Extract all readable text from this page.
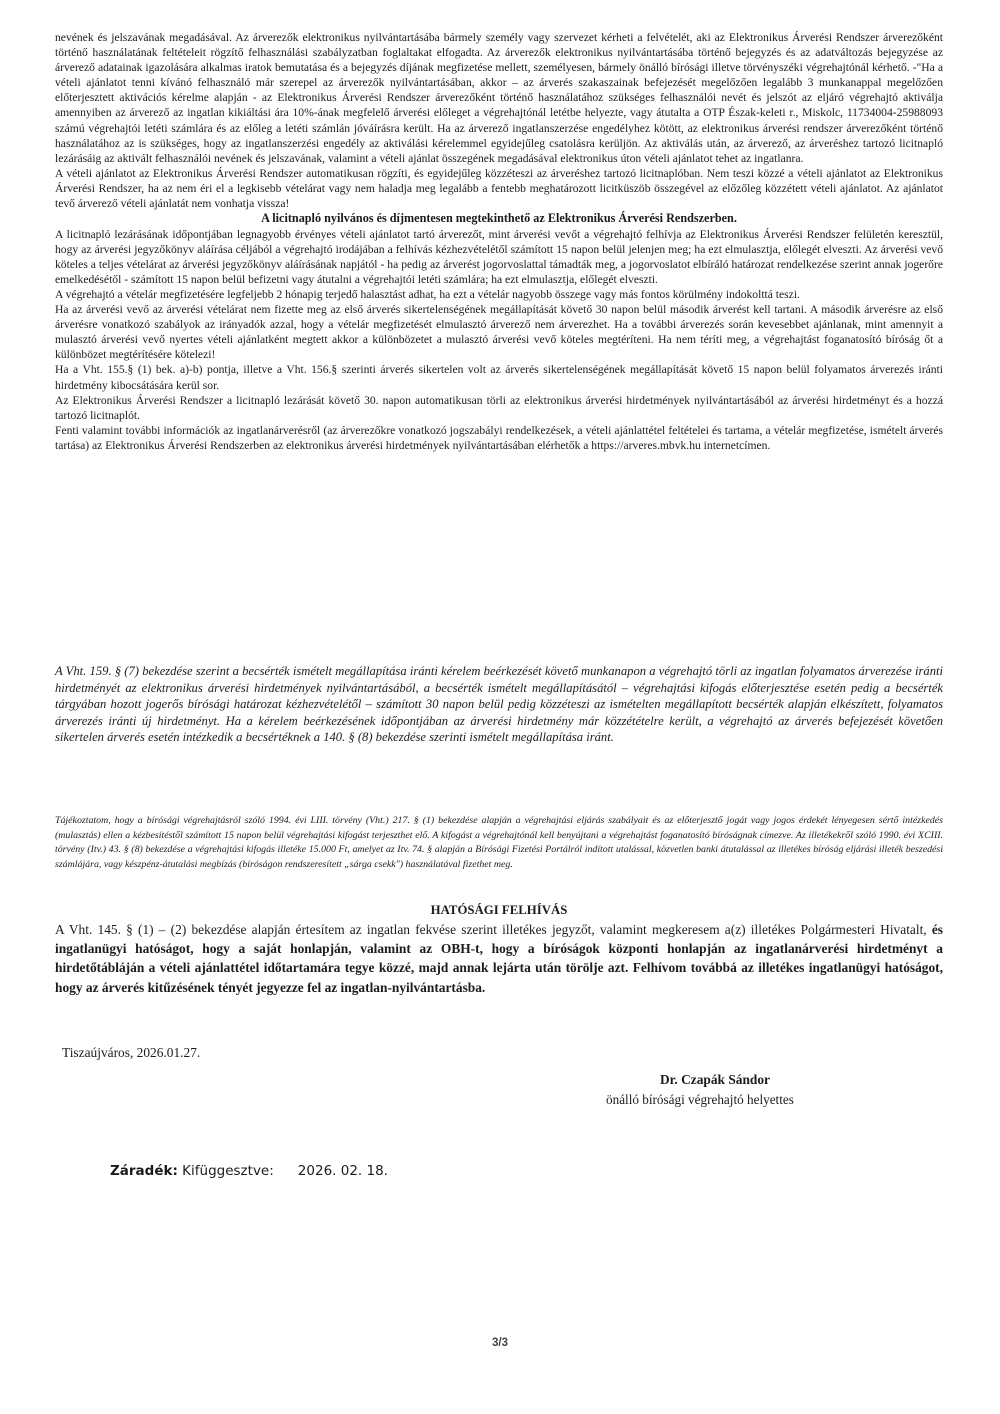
nevének és jelszavának megadásával. Az árverezők elektronikus nyilvántartásába bármely személy vagy szervezet kérheti a felvételét, aki az Elektronikus Árverési Rendszer árverezőként történő használatának feltételeit rögzítő felhasználási szabályzatban foglaltakat elfogadta. Az árverezők elektronikus nyilvántartásába történő bejegyzés és az adatváltozás bejegyzése az árverező adatainak igazolására alkalmas iratok bemutatása és a bejegyzés díjának megfizetése mellett, személyesen, bármely önálló bírósági illetve törvényszéki végrehajtónál kérhető. -"Ha a vételi ajánlatot tenni kívánó felhasználó már szerepel az árverezők nyilvántartásában, akkor – az árverés szakaszainak befejezését megelőzően legalább 3 munkanappal megelőzően előterjesztett aktivációs kérelme alapján - az Elektronikus Árverési Rendszer árverezőként történő használatához szükséges felhasználói nevét és jelszót az eljáró végrehajtó aktiválja amennyiben az árverező az ingatlan kikiáltási ára 10%-ának megfelelő árverési előleget a végrehajtónál letétbe helyezte, vagy átutalta a OTP Észak-keleti r., Miskolc, 11734004-25988093 számú végrehajtói letéti számlára és az előleg a letéti számlán jóváírásra került. Ha az árverező ingatlanszerzése engedélyhez kötött, az elektronikus árverési rendszer árverezőként történő használatához az is szükséges, hogy az ingatlanszerzési engedély az aktiválási kérelemmel egyidejűleg csatolásra kerüljön. Az aktiválás után, az árverező, az árveréshez tartozó licitnapló lezárásáig az aktivált felhasználói nevének és jelszavának, valamint a vételi ajánlat összegének megadásával elektronikus úton vételi ajánlatot tehet az ingatlanra.

A vételi ajánlatot az Elektronikus Árverési Rendszer automatikusan rögzíti, és egyidejűleg közzéteszi az árveréshez tartozó licitnaplóban. Nem teszi közzé a vételi ajánlatot az Elektronikus Árverési Rendszer, ha az nem éri el a legkisebb vételárat vagy nem haladja meg legalább a fentebb meghatározott licitküszöb összegével az előzőleg közzétett vételi ajánlatot. Az ajánlatot tevő árverező vételi ajánlatát nem vonhatja vissza!

A licitnapló nyilvános és díjmentesen megtekinthető az Elektronikus Árverési Rendszerben.

A licitnapló lezárásának időpontjában legnagyobb érvényes vételi ajánlatot tartó árverezőt, mint árverési vevőt a végrehajtó felhívja az Elektronikus Árverési Rendszer felületén keresztül, hogy az árverési jegyzőkönyv aláírása céljából a végrehajtó irodájában a felhívás kézhezvételétől számított 15 napon belül jelenjen meg; ha ezt elmulasztja, előlegét elveszti. Az árverési vevő köteles a teljes vételárat az árverési jegyzőkönyv aláírásának napjától - ha pedig az árverést jogorvoslattal támadták meg, a jogorvoslatot elbíráló határozat rendelkezése szerint annak jogerőre emelkedésétől - számított 15 napon belül befizetni vagy átutalni a végrehajtói letéti számlára; ha ezt elmulasztja, előlegét elveszti.

A végrehajtó a vételár megfizetésére legfeljebb 2 hónapig terjedő halasztást adhat, ha ezt a vételár nagyobb összege vagy más fontos körülmény indokolttá teszi.

Ha az árverési vevő az árverési vételárat nem fizette meg az első árverés sikertelenségének megállapítását követő 30 napon belül második árverést kell tartani. A második árverésre az első árverésre vonatkozó szabályok az irányadók azzal, hogy a vételár megfizetését elmulasztó árverező nem árverezhet. Ha a további árverezés során kevesebbet ajánlanak, mint amennyit a mulasztó árverési vevő nyertes vételi ajánlatként megtett akkor a különbözetet a mulasztó árverési vevő köteles megtéríteni. Ha nem téríti meg, a végrehajtást foganatosító bíróság őt a különbözet megtérítésére kötelezi!

Ha a Vht. 155.§ (1) bek. a)-b) pontja, illetve a Vht. 156.§ szerinti árverés sikertelen volt az árverés sikertelenségének megállapítását követő 15 napon belül folyamatos árverezés iránti hirdetmény kibocsátására kerül sor.

Az Elektronikus Árverési Rendszer a licitnapló lezárását követő 30. napon automatikusan törli az elektronikus árverési hirdetmények nyilvántartásából az árverési hirdetményt és a hozzá tartozó licitnaplót.

Fenti valamint további információk az ingatlanárverésről (az árverezőkre vonatkozó jogszabályi rendelkezések, a vételi ajánlattétel feltételei és tartama, a vételár megfizetése, ismételt árverés tartása) az Elektronikus Árverési Rendszerben az elektronikus árverési hirdetmények nyilvántartásában elérhetők a https://arveres.mbvk.hu internetcímen.

A Vht. 159. § (7) bekezdése szerint a becsérték ismételt megállapítása iránti kérelem beérkezését követő munkanapon a végrehajtó törli az ingatlan folyamatos árverezése iránti hirdetményét az elektronikus árverési hirdetmények nyilvántartásából, a becsérték ismételt megállapításától – végrehajtási kifogás előterjesztése esetén pedig a becsérték tárgyában hozott jogerős bírósági határozat kézhezvételétől – számított 30 napon belül pedig közzéteszi az ismételten megállapított becsérték alapján elkészített, folyamatos árverezés iránti új hirdetményt. Ha a kérelem beérkezésének időpontjában az árverési hirdetmény már közzétételre került, a végrehajtó az árverés befejezését követően sikertelen árverés esetén intézkedik a becsértéknek a 140. § (8) bekezdése szerinti ismételt megállapítása iránt.

Tájékoztatom, hogy a bírósági végrehajtásról szóló 1994. évi LIII. törvény (Vht.) 217. § (1) bekezdése alapján a végrehajtási eljárás szabályait és az előterjesztő jogát vagy jogos érdekét lényegesen sértő intézkedés (mulasztás) ellen a kézbesítéstől számított 15 napon belül végrehajtási kifogást terjeszthet elő. A kifogást a végrehajtónál kell benyújtani a végrehajtást foganatosító bíróságnak címezve. Az illetékekről szóló 1990. évi XCIII. törvény (Itv.) 43. § (8) bekezdése a végrehajtási kifogás illetéke 15.000 Ft, amelyet az Itv. 74. § alapján a Bírósági Fizetési Portálról indított utalással, közvetlen banki átutalással az illetékes bíróság eljárási illeték beszedési számlájára, vagy készpénz-átutalási megbízás (bíróságon rendszeresített „sárga csekk") használatával fizethet meg.

HATÓSÁGI FELHÍVÁS

A Vht. 145. § (1) – (2) bekezdése alapján értesítem az ingatlan fekvése szerint illetékes jegyzőt, valamint megkeresem a(z) illetékes Polgármesteri Hivatalt, és ingatlanügyi hatóságot, hogy a saját honlapján, valamint az OBH-t, hogy a bíróságok központi honlapján az ingatlanárverési hirdetményt a hirdetőtábláján a vételi ajánlattétel időtartamára tegye közzé, majd annak lejárta után törölje azt. Felhívom továbbá az illetékes ingatlanügyi hatóságot, hogy az árverés kitűzésének tényét jegyezze fel az ingatlan-nyilvántartásba.

Tiszaújváros, 2026.01.27.

Dr. Czapák Sándor

önálló bírósági végrehajtó helyettes

Záradék: Kifüggesztve: 2026. 02. 18.

3/3
